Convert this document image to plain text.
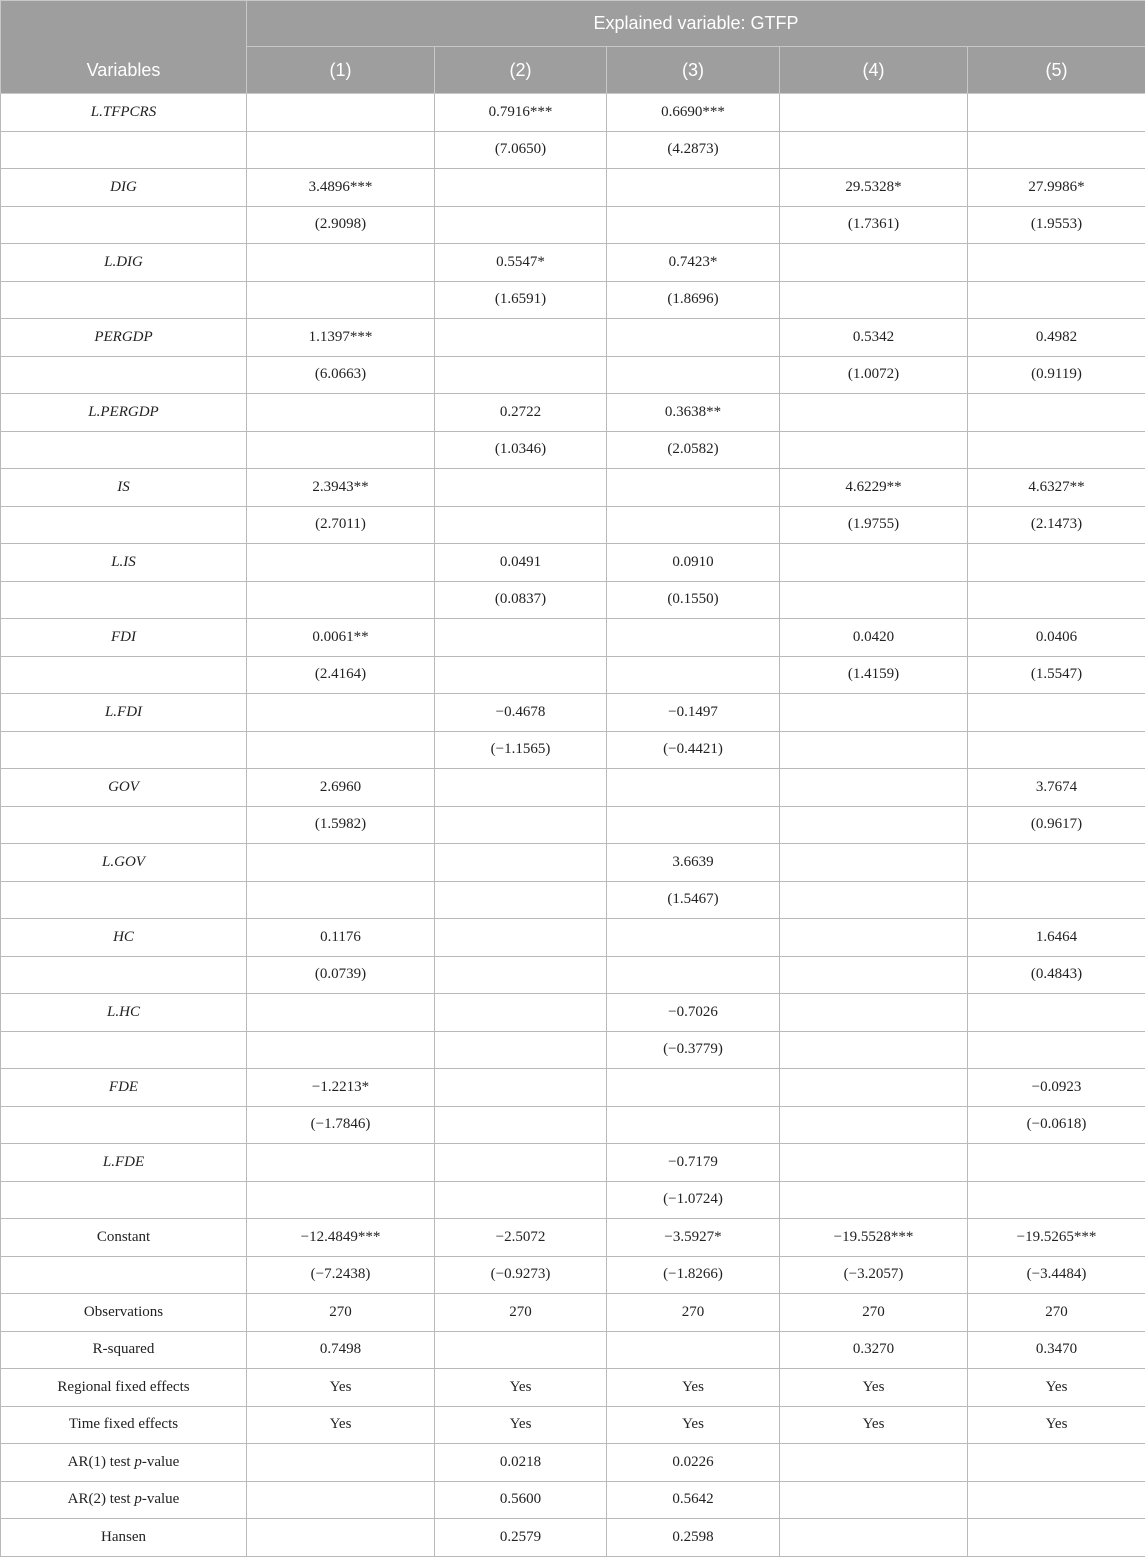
Variables	Explained variable: GTFP				
	(1)	(2)	(3)	(4)	(5)
L.TFPCRS		0.7916***	0.6690***		
		(7.0650)	(4.2873)		
DIG	3.4896***			29.5328*	27.9986*
	(2.9098)			(1.7361)	(1.9553)
L.DIG		0.5547*	0.7423*		
		(1.6591)	(1.8696)		
PERGDP	1.1397***			0.5342	0.4982
	(6.0663)			(1.0072)	(0.9119)
L.PERGDP		0.2722	0.3638**		
		(1.0346)	(2.0582)		
IS	2.3943**			4.6229**	4.6327**
	(2.7011)			(1.9755)	(2.1473)
L.IS		0.0491	0.0910		
		(0.0837)	(0.1550)		
FDI	0.0061**			0.0420	0.0406
	(2.4164)			(1.4159)	(1.5547)
L.FDI		−0.4678	−0.1497		
		(−1.1565)	(−0.4421)		
GOV	2.6960				3.7674
	(1.5982)				(0.9617)
L.GOV			3.6639		
			(1.5467)		
HC	0.1176				1.6464
	(0.0739)				(0.4843)
L.HC			−0.7026		
			(−0.3779)		
FDE	−1.2213*				−0.0923
	(−1.7846)				(−0.0618)
L.FDE			−0.7179		
			(−1.0724)		
Constant	−12.4849***	−2.5072	−3.5927*	−19.5528***	−19.5265***
	(−7.2438)	(−0.9273)	(−1.8266)	(−3.2057)	(−3.4484)
Observations	270	270	270	270	270
R-squared	0.7498			0.3270	0.3470
Regional fixed effects	Yes	Yes	Yes	Yes	Yes
Time fixed effects	Yes	Yes	Yes	Yes	Yes
AR(1) test p-value		0.0218	0.0226		
AR(2) test p-value		0.5600	0.5642		
Hansen		0.2579	0.2598		
